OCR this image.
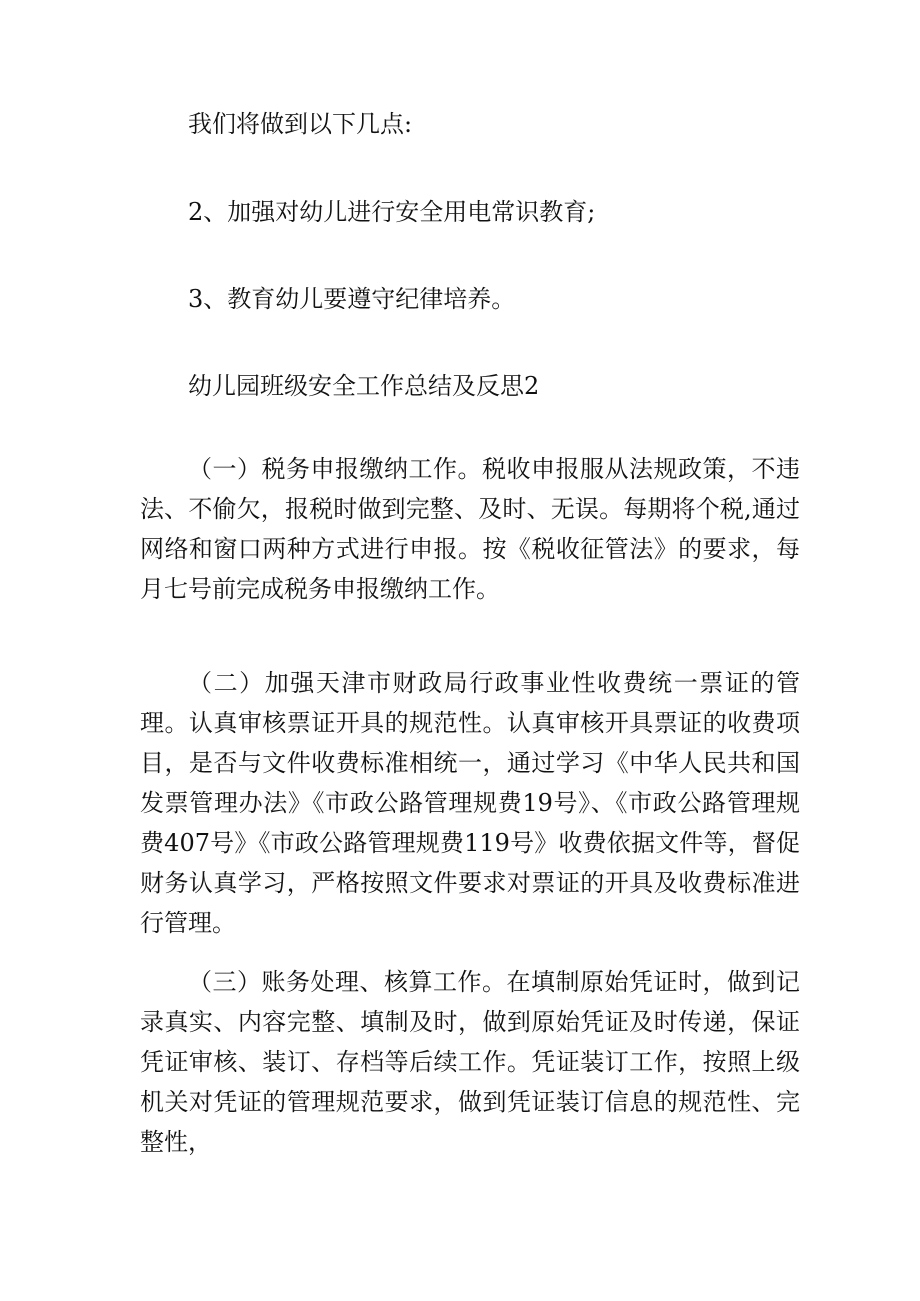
我们将做到以下几点:

2、加强对幼儿进行安全用电常识教育;

3、教育幼儿要遵守纪律培养。

幼儿园班级安全工作总结及反思2

（一）税务申报缴纳工作。税收申报服从法规政策，不违法、不偷欠，报税时做到完整、及时、无误。每期将个税,通过网络和窗口两种方式进行申报。按《税收征管法》的要求，每月七号前完成税务申报缴纳工作。

（二）加强天津市财政局行政事业性收费统一票证的管理。认真审核票证开具的规范性。认真审核开具票证的收费项目，是否与文件收费标准相统一，通过学习《中华人民共和国发票管理办法》《市政公路管理规费19号》、《市政公路管理规费407号》《市政公路管理规费119号》收费依据文件等，督促财务认真学习，严格按照文件要求对票证的开具及收费标准进行管理。

（三）账务处理、核算工作。在填制原始凭证时，做到记录真实、内容完整、填制及时，做到原始凭证及时传递，保证凭证审核、装订、存档等后续工作。凭证装订工作，按照上级机关对凭证的管理规范要求，做到凭证装订信息的规范性、完整性，
